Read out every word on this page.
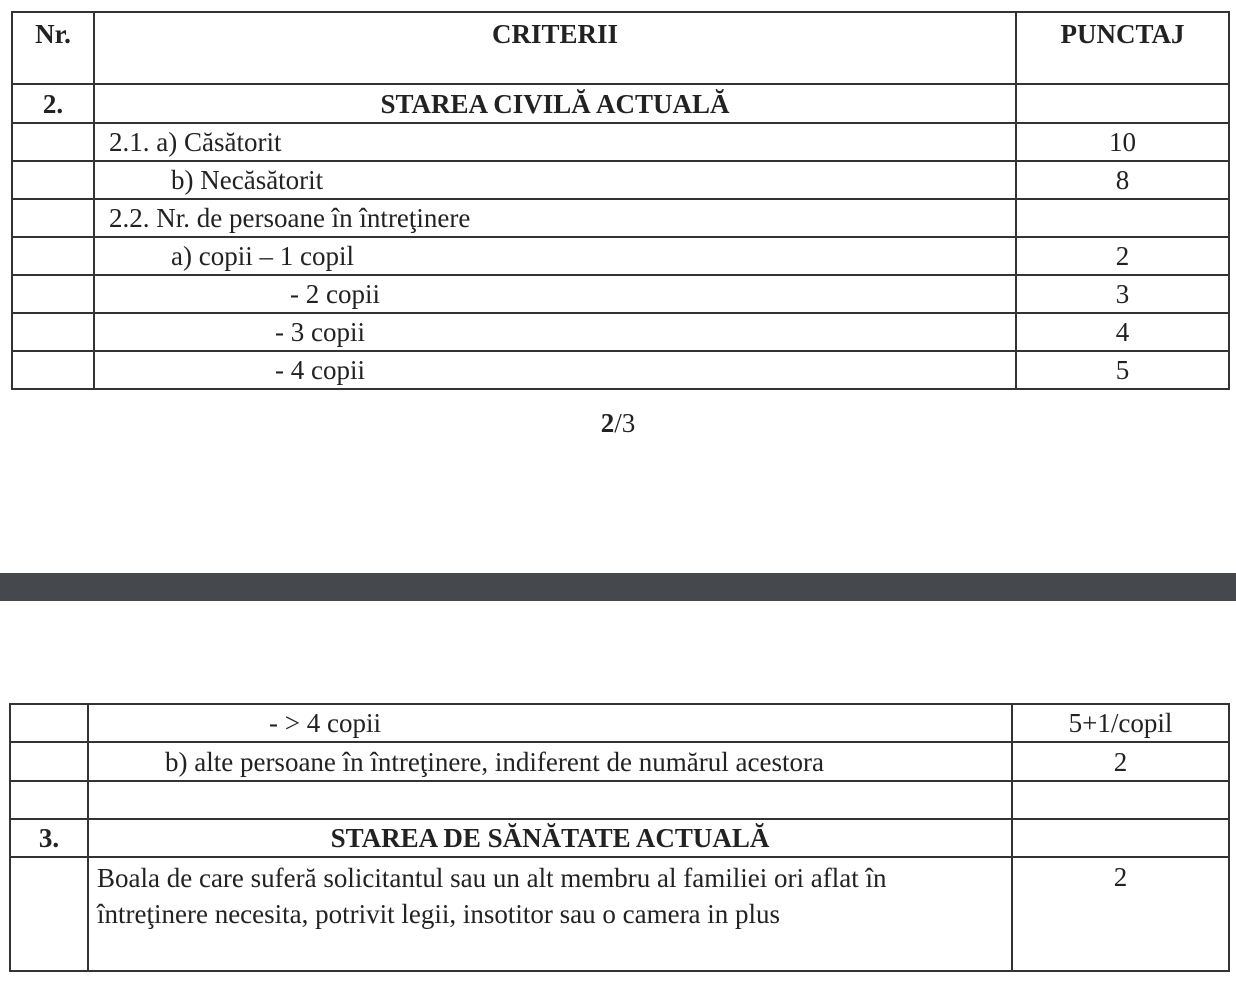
Nr.	CRITERII	PUNCTAJ
2.	STAREA CIVILĂ ACTUALĂ	
	2.1. a) Căsătorit	10
	b) Necăsătorit	8
	2.2. Nr. de persoane în întreţinere	
	a) copii – 1 copil	2
	- 2 copii	3
	- 3 copii	4
	- 4 copii	5
2/3
	- > 4 copii	5+1/copil
	b) alte persoane în întreţinere, indiferent de numărul acestora	2

3.	STAREA DE SĂNĂTATE ACTUALĂ	
	Boala de care suferă solicitantul sau un alt membru al familiei ori aflat în întreţinere necesita, potrivit legii, insotitor sau o camera in plus	2
